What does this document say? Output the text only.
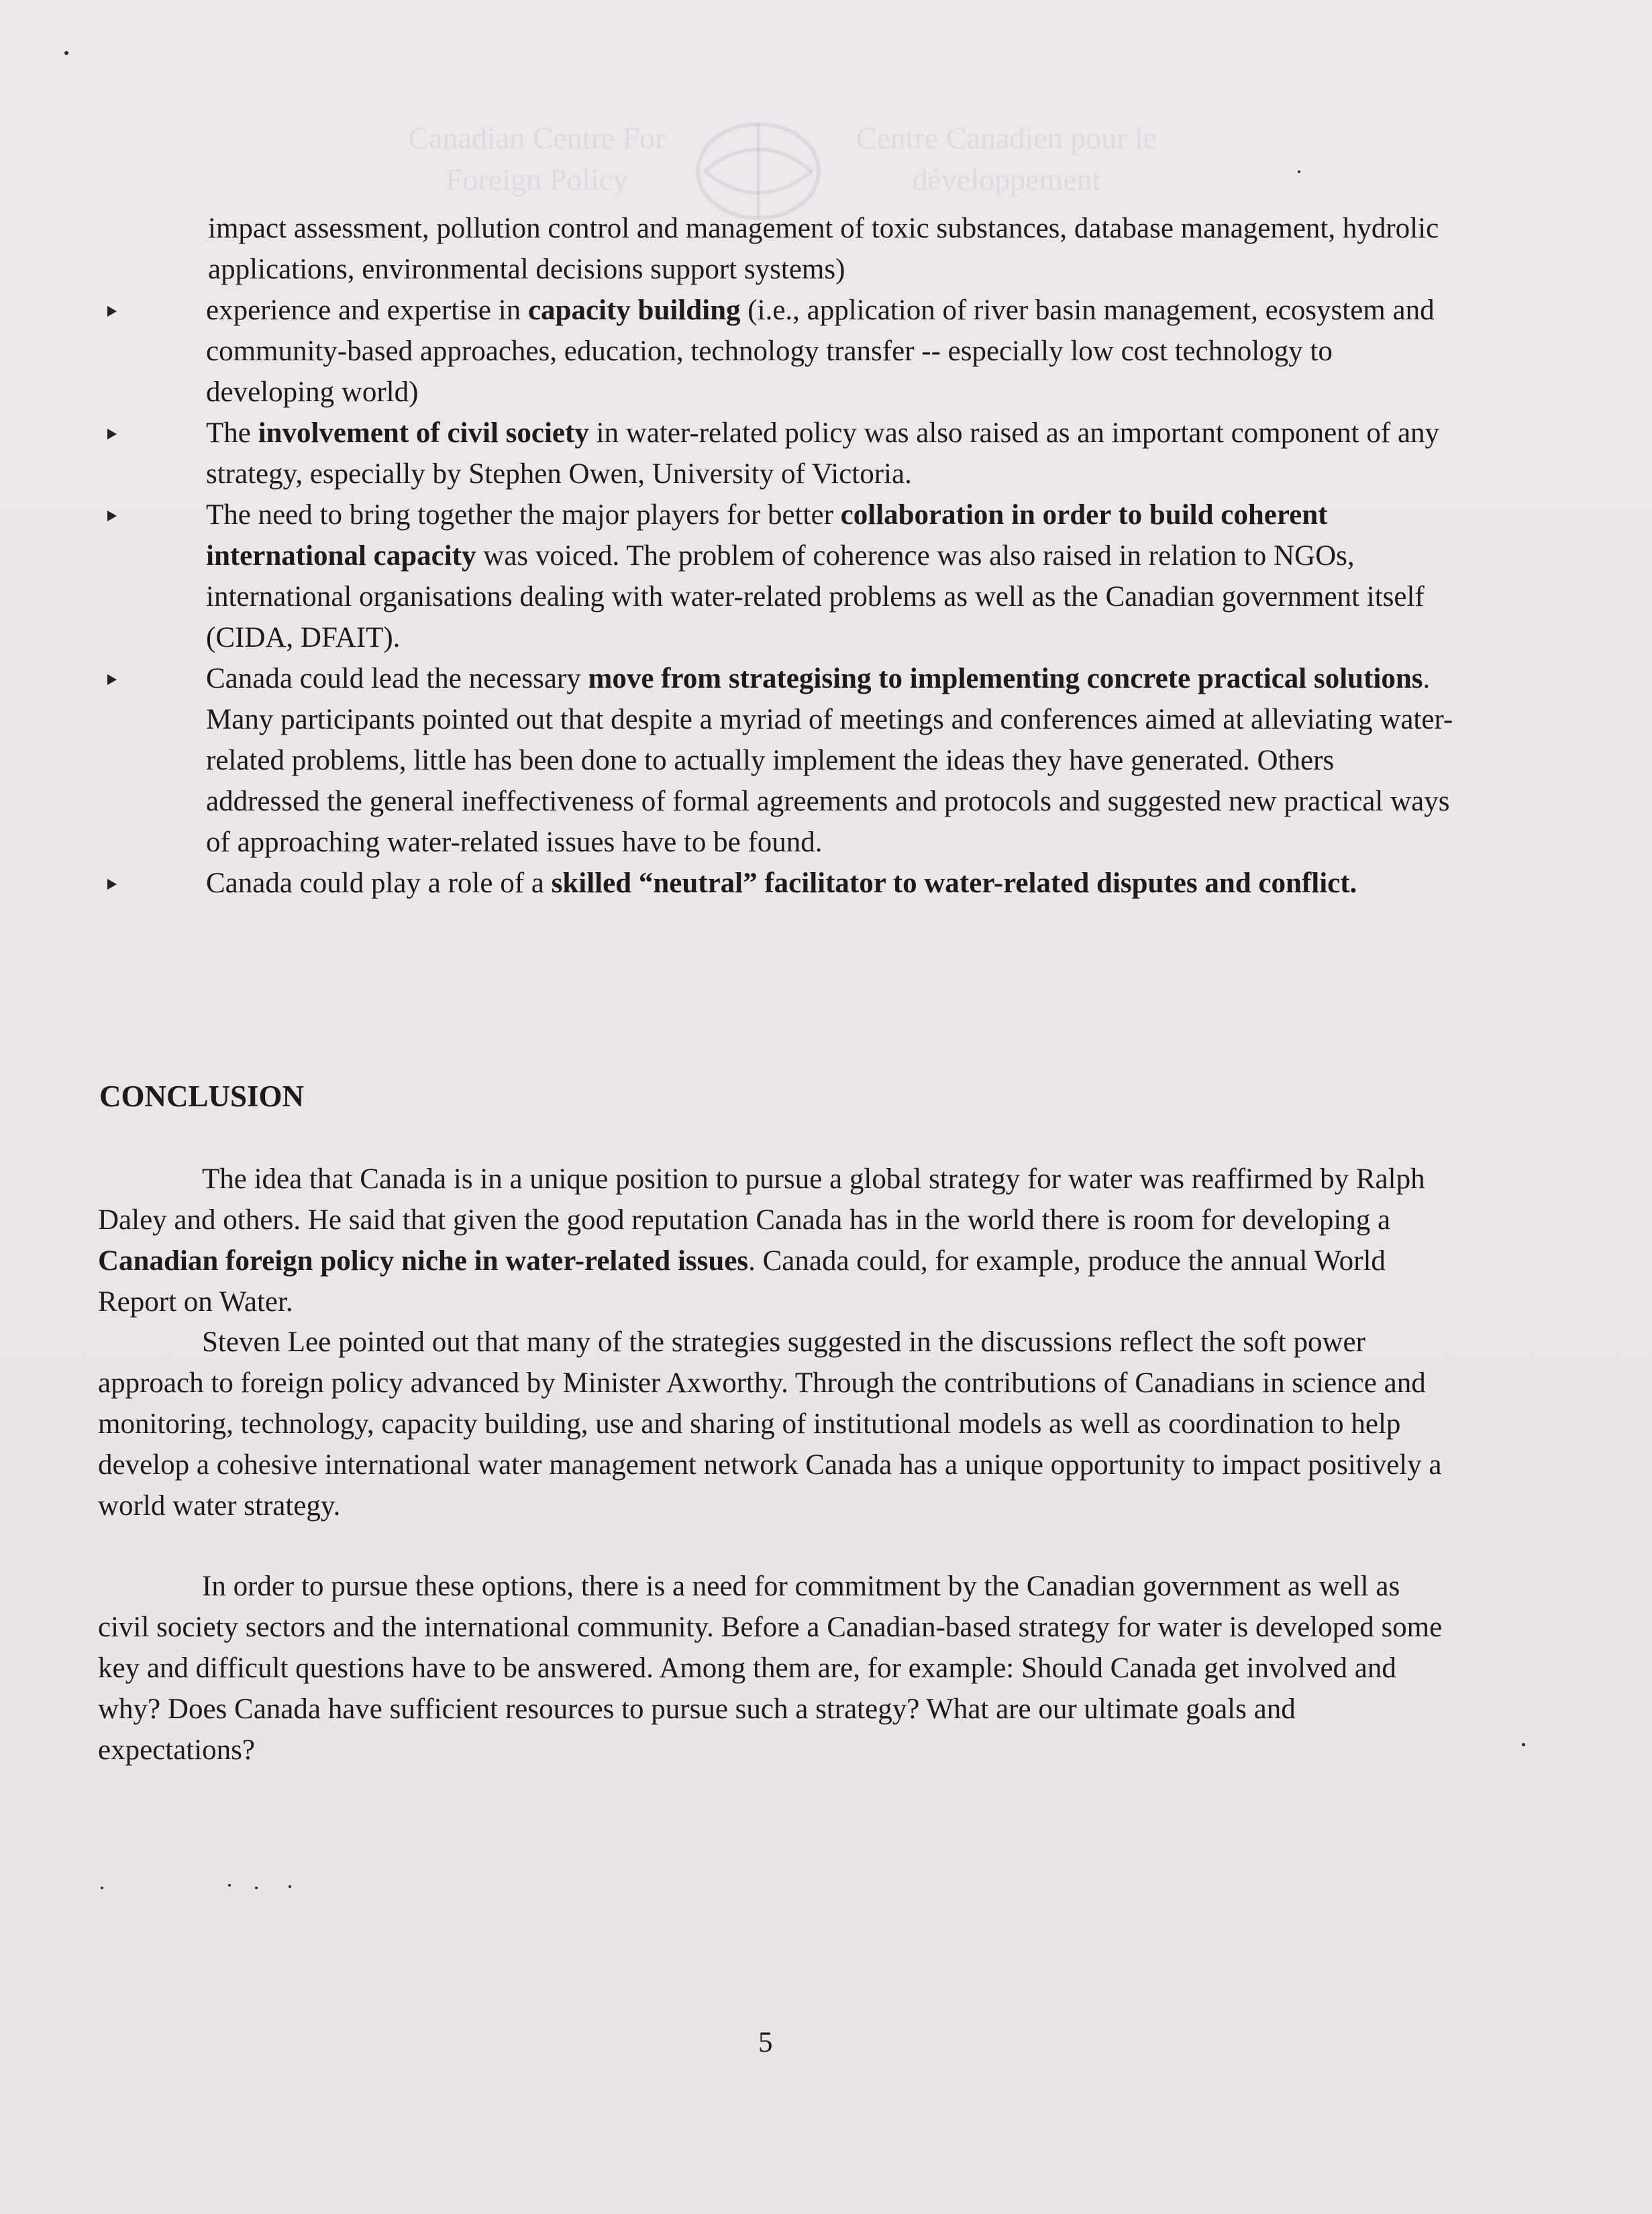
Canadian Centre For Foreign Policy
Centre Canadien pour le développement

impact assessment, pollution control and management of toxic substances, database management, hydrolic applications, environmental decisions support systems)

experience and expertise in capacity building (i.e., application of river basin management, ecosystem and community-based approaches, education, technology transfer -- especially low cost technology to developing world)
The involvement of civil society in water-related policy was also raised as an important component of any strategy, especially by Stephen Owen, University of Victoria.
The need to bring together the major players for better collaboration in order to build coherent international capacity was voiced. The problem of coherence was also raised in relation to NGOs, international organisations dealing with water-related problems as well as the Canadian government itself (CIDA, DFAIT).
Canada could lead the necessary move from strategising to implementing concrete practical solutions. Many participants pointed out that despite a myriad of meetings and conferences aimed at alleviating water-related problems, little has been done to actually implement the ideas they have generated. Others addressed the general ineffectiveness of formal agreements and protocols and suggested new practical ways of approaching water-related issues have to be found.
Canada could play a role of a skilled “neutral” facilitator to water-related disputes and conflict.
CONCLUSION

The idea that Canada is in a unique position to pursue a global strategy for water was reaffirmed by Ralph Daley and others. He said that given the good reputation Canada has in the world there is room for developing a Canadian foreign policy niche in water-related issues. Canada could, for example, produce the annual World Report on Water.

Steven Lee pointed out that many of the strategies suggested in the discussions reflect the soft power approach to foreign policy advanced by Minister Axworthy. Through the contributions of Canadians in science and monitoring, technology, capacity building, use and sharing of institutional models as well as coordination to help develop a cohesive international water management network Canada has a unique opportunity to impact positively a world water strategy.

In order to pursue these options, there is a need for commitment by the Canadian government as well as civil society sectors and the international community. Before a Canadian-based strategy for water is developed some key and difficult questions have to be answered. Among them are, for example: Should Canada get involved and why? Does Canada have sufficient resources to pursue such a strategy? What are our ultimate goals and expectations?

5
